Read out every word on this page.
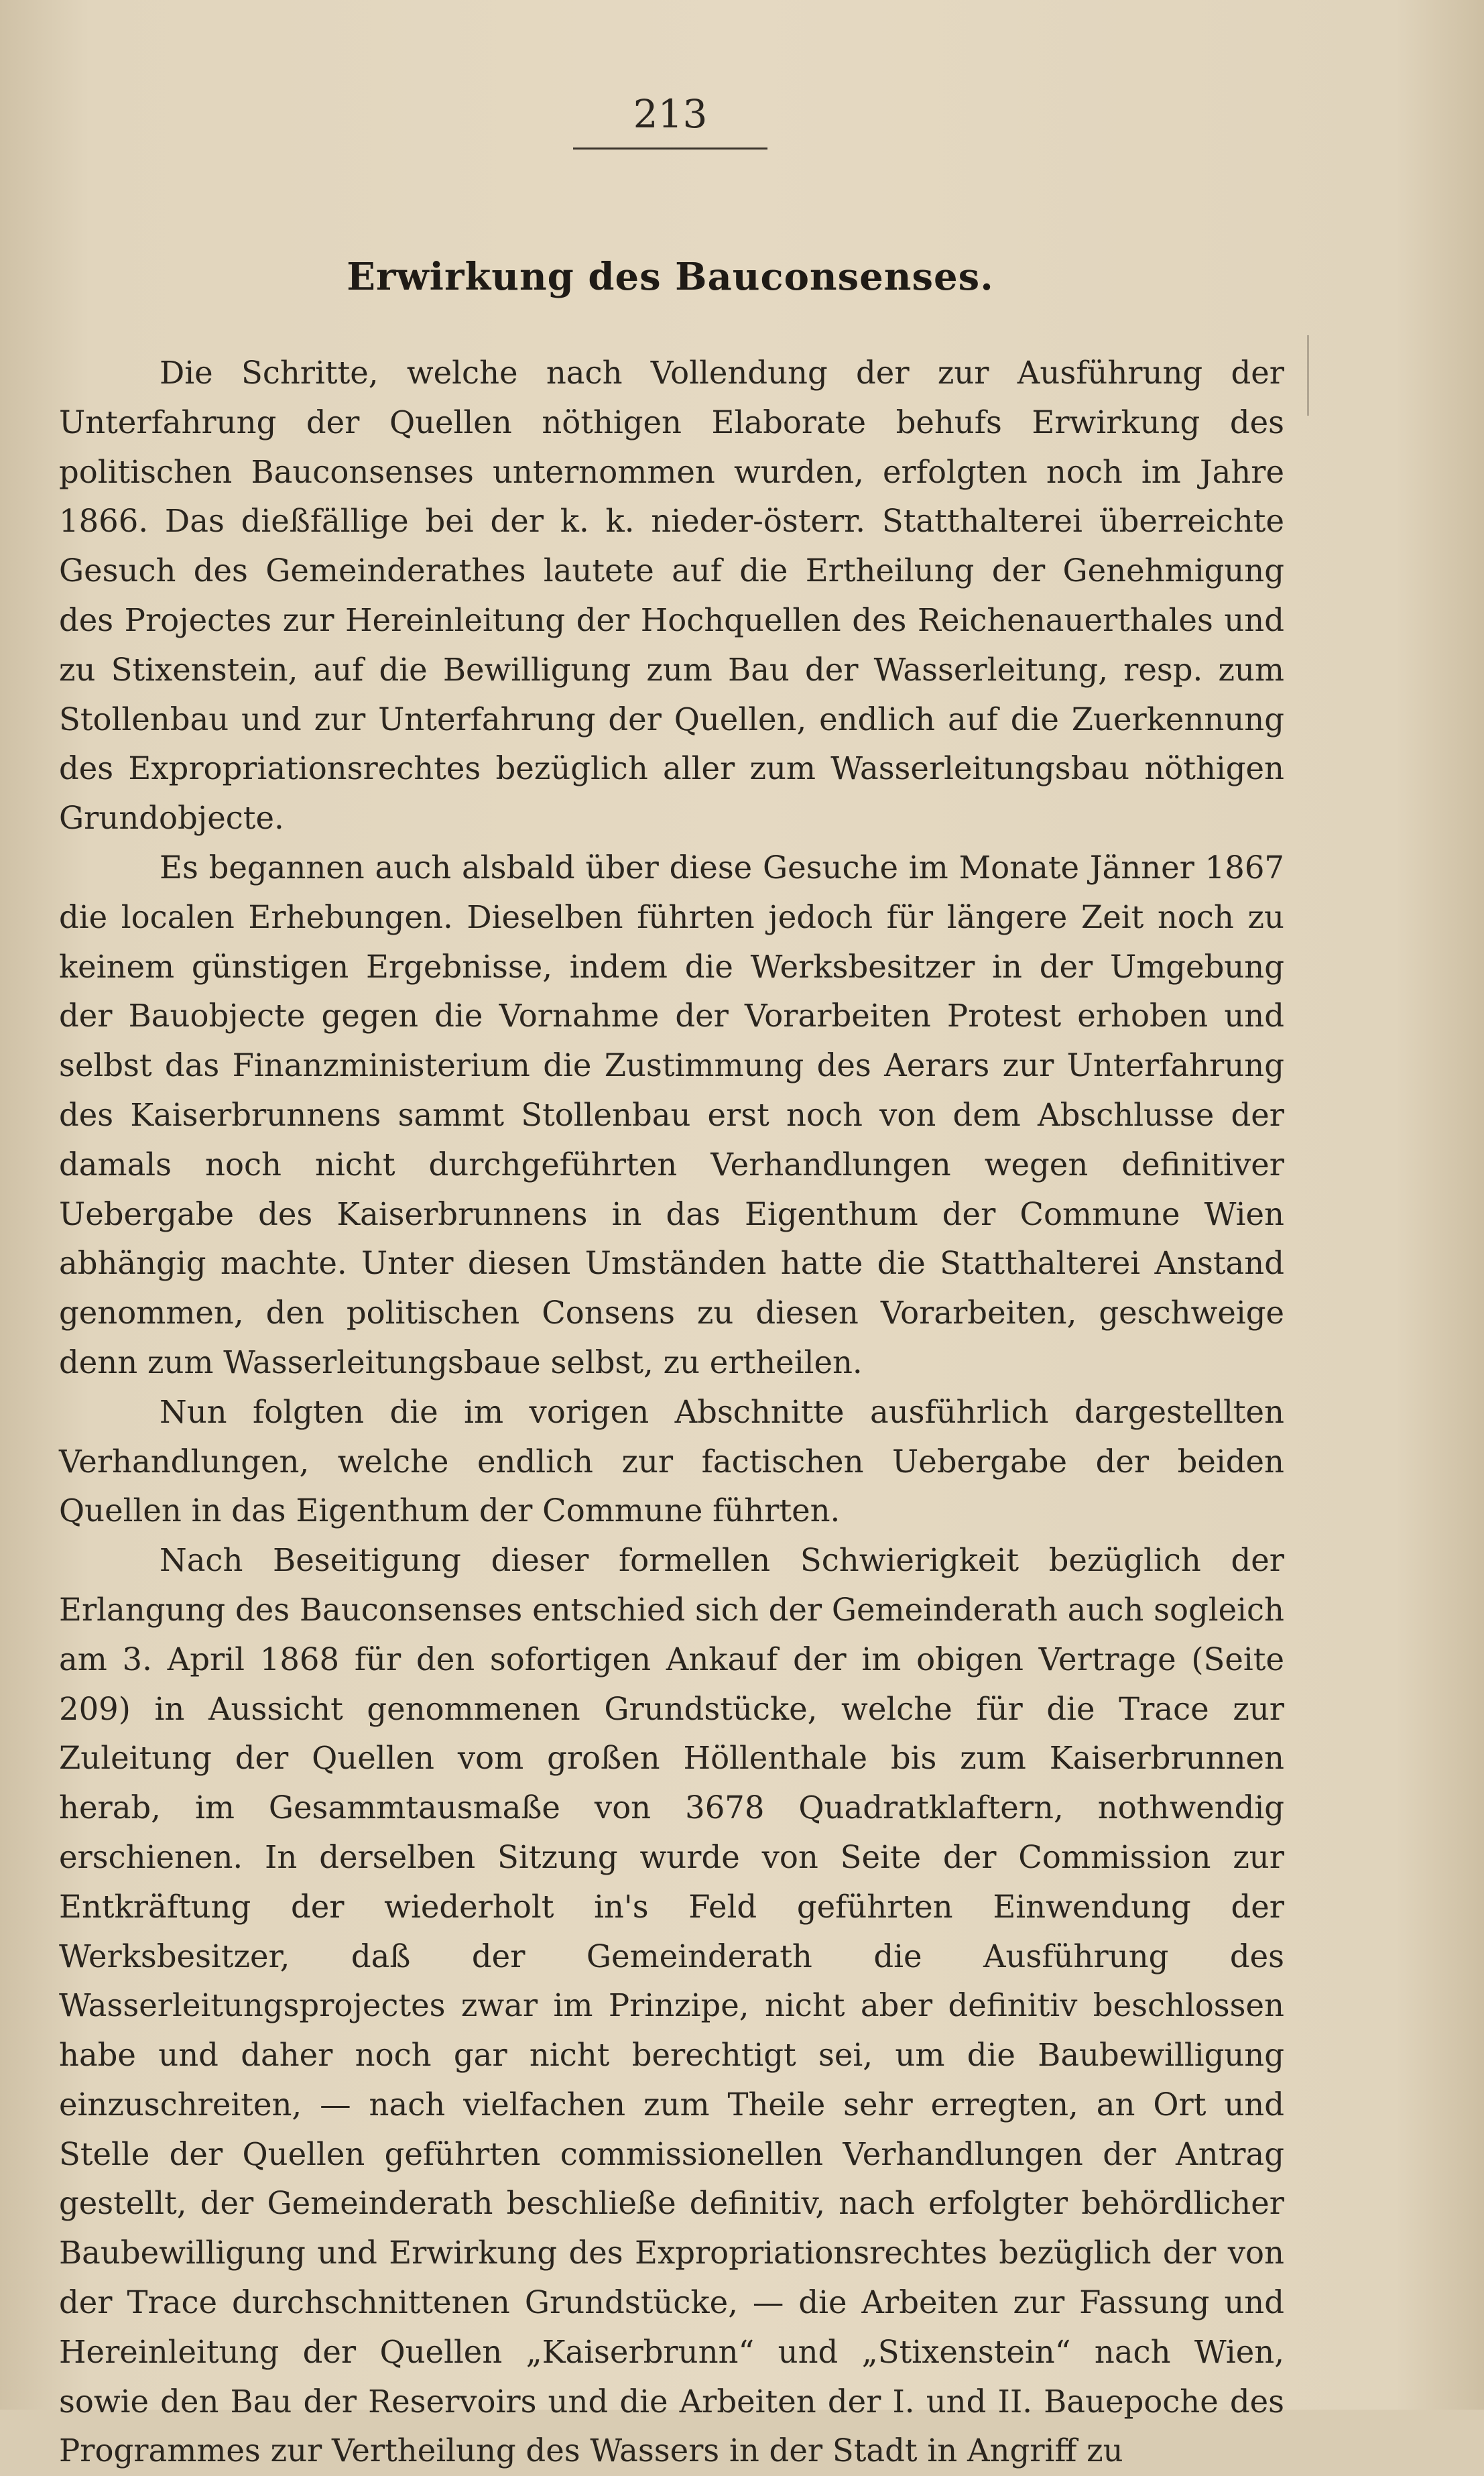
213
Erwirkung des Bauconsenses.

Die Schritte, welche nach Vollendung der zur Ausführung der Unterfahrung der Quellen nöthigen Elaborate behufs Erwirkung des politischen Bauconsenses unternommen wurden, erfolgten noch im Jahre 1866. Das dießfällige bei der k. k. nieder-österr. Statthalterei überreichte Gesuch des Gemeinderathes lautete auf die Ertheilung der Genehmigung des Projectes zur Hereinleitung der Hochquellen des Reichenauerthales und zu Stixenstein, auf die Bewilligung zum Bau der Wasserleitung, resp. zum Stollenbau und zur Unterfahrung der Quellen, endlich auf die Zuerkennung des Expropriationsrechtes bezüglich aller zum Wasserleitungsbau nöthigen Grundobjecte.

Es begannen auch alsbald über diese Gesuche im Monate Jänner 1867 die localen Erhebungen. Dieselben führten jedoch für längere Zeit noch zu keinem günstigen Ergebnisse, indem die Werksbesitzer in der Umgebung der Bauobjecte gegen die Vornahme der Vorarbeiten Protest erhoben und selbst das Finanzministerium die Zustimmung des Aerars zur Unterfahrung des Kaiserbrunnens sammt Stollenbau erst noch von dem Abschlusse der damals noch nicht durchgeführten Verhandlungen wegen definitiver Uebergabe des Kaiserbrunnens in das Eigenthum der Commune Wien abhängig machte. Unter diesen Umständen hatte die Statthalterei Anstand genommen, den politischen Consens zu diesen Vorarbeiten, geschweige denn zum Wasserleitungsbaue selbst, zu ertheilen.

Nun folgten die im vorigen Abschnitte ausführlich dargestellten Verhandlungen, welche endlich zur factischen Uebergabe der beiden Quellen in das Eigenthum der Commune führten.

Nach Beseitigung dieser formellen Schwierigkeit bezüglich der Erlangung des Bauconsenses entschied sich der Gemeinderath auch sogleich am 3. April 1868 für den sofortigen Ankauf der im obigen Vertrage (Seite 209) in Aussicht genommenen Grundstücke, welche für die Trace zur Zuleitung der Quellen vom großen Höllenthale bis zum Kaiserbrunnen herab, im Gesammtausmaße von 3678 Quadratklaftern, nothwendig erschienen. In derselben Sitzung wurde von Seite der Commission zur Entkräftung der wiederholt in's Feld geführten Einwendung der Werksbesitzer, daß der Gemeinderath die Ausführung des Wasserleitungsprojectes zwar im Prinzipe, nicht aber definitiv beschlossen habe und daher noch gar nicht berechtigt sei, um die Baubewilligung einzuschreiten, — nach vielfachen zum Theile sehr erregten, an Ort und Stelle der Quellen geführten commissionellen Verhandlungen der Antrag gestellt, der Gemeinderath beschließe definitiv, nach erfolgter behördlicher Baubewilligung und Erwirkung des Expropriationsrechtes bezüglich der von der Trace durchschnittenen Grundstücke, — die Arbeiten zur Fassung und Hereinleitung der Quellen „Kaiserbrunn“ und „Stixenstein“ nach Wien, sowie den Bau der Reservoirs und die Arbeiten der I. und II. Bauepoche des Programmes zur Vertheilung des Wassers in der Stadt in Angriff zu
